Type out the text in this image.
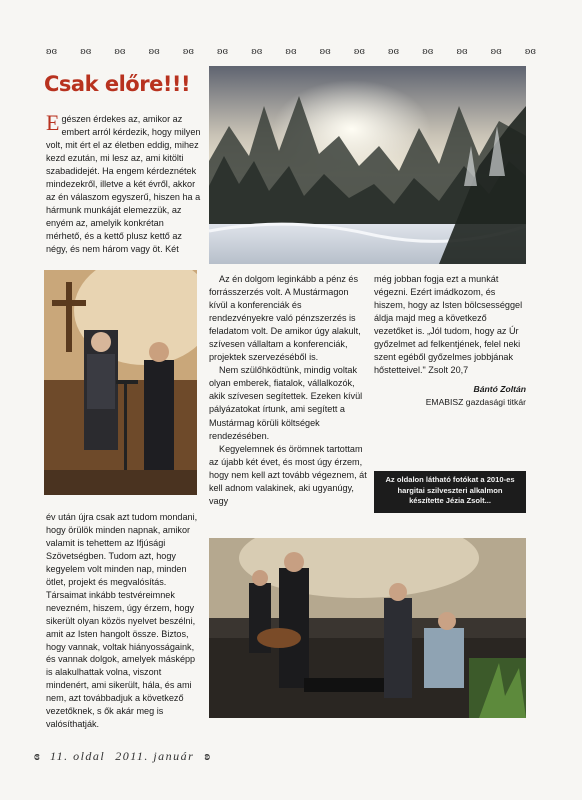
ʚɞ	ʚɞ	ʚɞ	ʚɞ	ʚɞ	ʚɞ	ʚɞ	ʚɞ	ʚɞ	ʚɞ	ʚɞ	ʚɞ	ʚɞ	ʚɞ	ʚɞ
Csak előre!!!
Egészen érdekes az, amikor az embert arról kérdezik, hogy milyen volt, mit ért el az életben eddig, mihez kezd ezután, mi lesz az, ami kitölti szabadidejét. Ha engem kérdeznétek mindezekről, illetve a két évről, akkor az én válaszom egyszerű, hiszen ha a hármunk munkáját elemezzük, az enyém az, amelyik konkrétan mérhető, és a kettő plusz kettő az négy, és nem három vagy öt. Két
év után újra csak azt tudom mondani, hogy örülök minden napnak, amikor valamit is tehettem az Ifjúsági Szövetségben. Tudom azt, hogy kegyelem volt minden nap, minden ötlet, projekt és megvalósítás. Társaimat inkább testvéreimnek nevezném, hiszem, úgy érzem, hogy sikerült olyan közös nyelvet beszélni, amit az Isten hangolt össze. Biztos, hogy vannak, voltak hiányosságaink, és vannak dolgok, amelyek másképp is alakulhattak volna, viszont mindenért, ami sikerült, hála, és ami nem, azt továbbadjuk a következő vezetőknek, s ők akár meg is valósíthatják.

Az én dolgom leginkább a pénz és forrásszerzés volt. A Mustármagon kívül a konferenciák és rendezvényekre való pénzszerzés is feladatom volt. De amikor úgy alakult, szívesen vállaltam a konferenciák, projektek szervezéséből is.

Nem szülőhködtünk, mindig voltak olyan emberek, fiatalok, vállalkozók, akik szívesen segítettek. Ezeken kívül pályázatokat írtunk, ami segített a Mustármag körüli költségek rendezésében.

Kegyelemnek és örömnek tartottam az újabb két évet, és most úgy érzem, hogy nem kell azt tovább végeznem, át kell adnom valakinek, aki ugyanúgy, vagy

még jobban fogja ezt a munkát végezni. Ezért imádkozom, és hiszem, hogy az Isten bölcsességgel áldja majd meg a következő vezetőket is. „Jól tudom, hogy az Úr győzelmet ad felkentjének, felel neki szent egéből győzelmes jobbjának hőstetteivel." Zsolt 20,7

Bántó Zoltán
EMABISZ gazdasági titkár
Az oldalon látható fotókat a 2010-es hargitai szilveszteri alkalmon készítette Jézia Zsolt...
ɞ 11. oldal 2011. január ʚ
